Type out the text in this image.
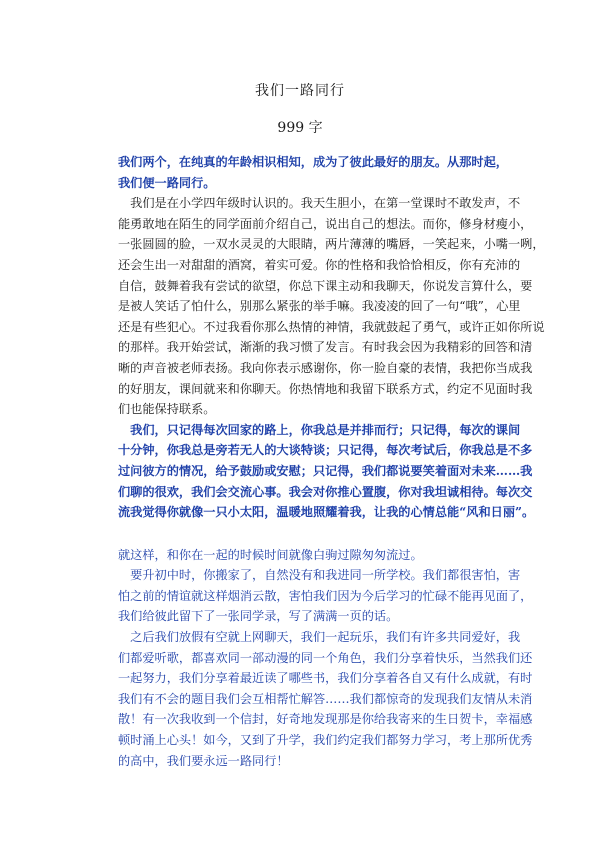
我们一路同行
999 字

我们两个，在纯真的年龄相识相知，成为了彼此最好的朋友。从那时起，

我们便一路同行。

　我们是在小学四年级时认识的。我天生胆小，在第一堂课时不敢发声，不

能勇敢地在陌生的同学面前介绍自己，说出自己的想法。而你，修身材瘦小，

一张圆圆的脸，一双水灵灵的大眼睛，两片薄薄的嘴唇，一笑起来，小嘴一咧，

还会生出一对甜甜的酒窝，着实可爱。你的性格和我恰恰相反，你有充沛的

自信，鼓舞着我有尝试的欲望，你总下课主动和我聊天，你说发言算什么，要

是被人笑话了怕什么，别那么紧张的举手嘛。我凌凌的回了一句“哦”，心里

还是有些犯心。不过我看你那么热情的神情，我就鼓起了勇气，或许正如你所说

的那样。我开始尝试，渐渐的我习惯了发言。有时我会因为我精彩的回答和清

晰的声音被老师表扬。我向你表示感谢你，你一脸自豪的表情，我把你当成我

的好朋友，课间就来和你聊天。你热情地和我留下联系方式，约定不见面时我

们也能保持联系。

　我们，只记得每次回家的路上，你我总是并排而行；只记得，每次的课间

十分钟，你我总是旁若无人的大谈特谈；只记得，每次考试后，你我总是不多

过问彼方的情况，给予鼓励或安慰；只记得，我们都说要笑着面对未来……我

们聊的很欢，我们会交流心事。我会对你推心置腹，你对我坦诚相待。每次交

流我觉得你就像一只小太阳，温暖地照耀着我，让我的心情总能“风和日丽”。

就这样，和你在一起的时候时间就像白驹过隙匆匆流过。

　要升初中时，你搬家了，自然没有和我进同一所学校。我们都很害怕，害

怕之前的情谊就这样烟消云散，害怕我们因为今后学习的忙碌不能再见面了，

我们给彼此留下了一张同学录，写了满满一页的话。

　之后我们放假有空就上网聊天，我们一起玩乐，我们有许多共同爱好，我

们都爱听歌，都喜欢同一部动漫的同一个角色，我们分享着快乐，当然我们还

一起努力，我们分享着最近读了哪些书，我们分享着各自又有什么成就，有时

我们有不会的题目我们会互相帮忙解答……我们都惊奇的发现我们友情从未消

散！有一次我收到一个信封，好奇地发现那是你给我寄来的生日贺卡，幸福感

顿时涌上心头！如今，又到了升学，我们约定我们都努力学习，考上那所优秀

的高中，我们要永远一路同行！
